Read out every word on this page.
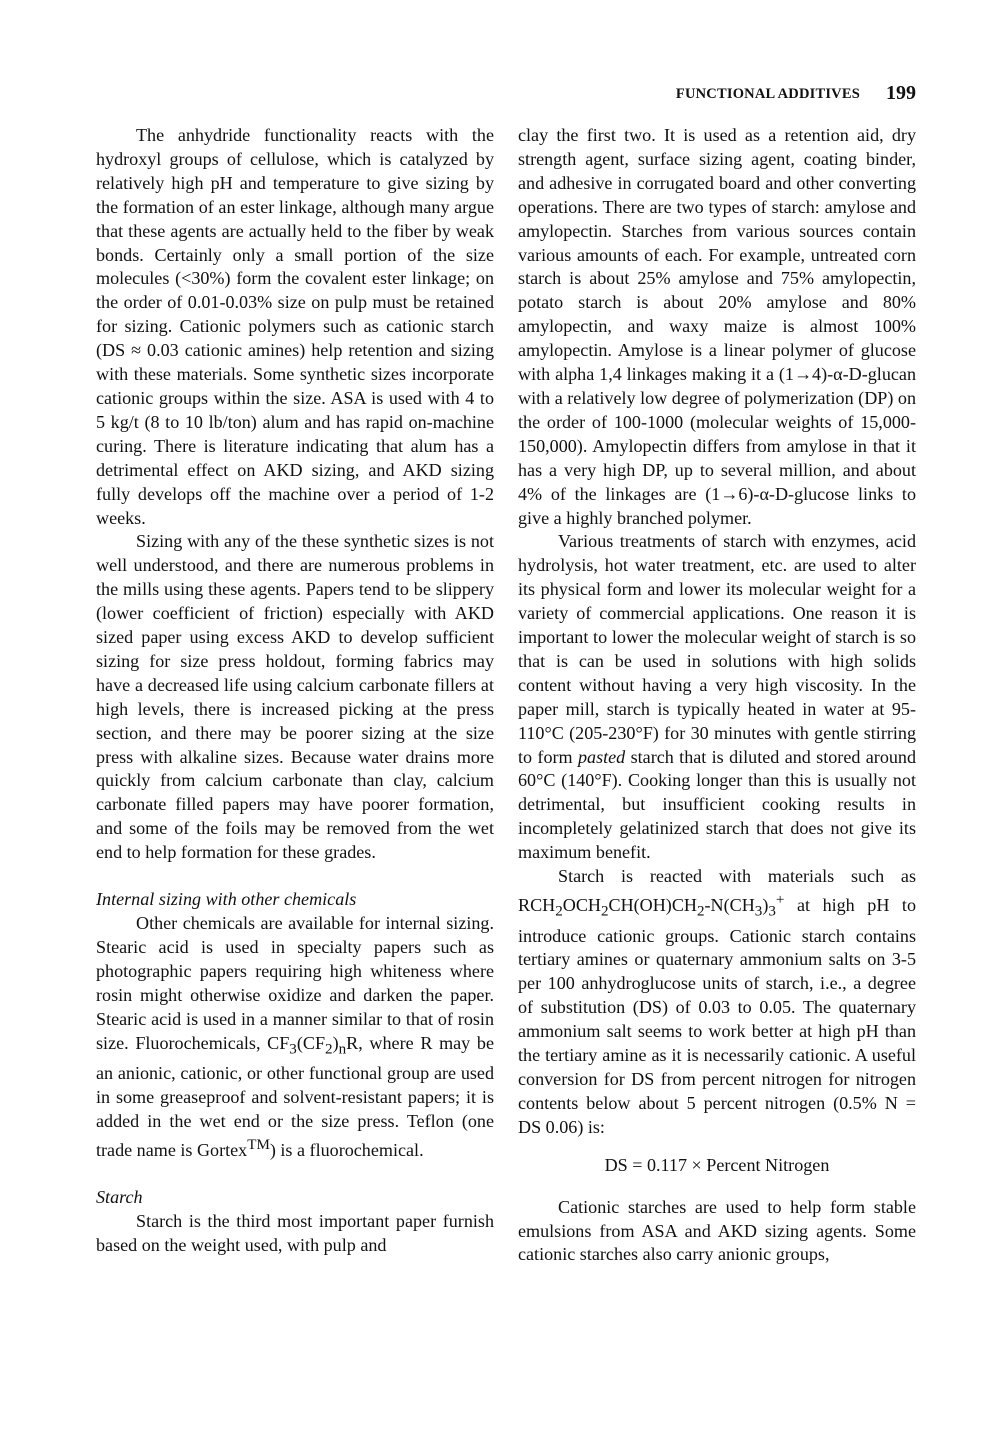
FUNCTIONAL ADDITIVES 199

The anhydride functionality reacts with the hydroxyl groups of cellulose, which is catalyzed by relatively high pH and temperature to give sizing by the formation of an ester linkage, although many argue that these agents are actually held to the fiber by weak bonds. Certainly only a small portion of the size molecules (<30%) form the covalent ester linkage; on the order of 0.01-0.03% size on pulp must be retained for sizing. Cationic polymers such as cationic starch (DS ≈ 0.03 cationic amines) help retention and sizing with these materials. Some synthetic sizes incorporate cationic groups within the size. ASA is used with 4 to 5 kg/t (8 to 10 lb/ton) alum and has rapid on-machine curing. There is literature indicating that alum has a detrimental effect on AKD sizing, and AKD sizing fully develops off the machine over a period of 1-2 weeks.

Sizing with any of the these synthetic sizes is not well understood, and there are numerous problems in the mills using these agents. Papers tend to be slippery (lower coefficient of friction) especially with AKD sized paper using excess AKD to develop sufficient sizing for size press holdout, forming fabrics may have a decreased life using calcium carbonate fillers at high levels, there is increased picking at the press section, and there may be poorer sizing at the size press with alkaline sizes. Because water drains more quickly from calcium carbonate than clay, calcium carbonate filled papers may have poorer formation, and some of the foils may be removed from the wet end to help formation for these grades.

Internal sizing with other chemicals

Other chemicals are available for internal sizing. Stearic acid is used in specialty papers such as photographic papers requiring high whiteness where rosin might otherwise oxidize and darken the paper. Stearic acid is used in a manner similar to that of rosin size. Fluorochemicals, $CF_3(CF_2)_nR$, where R may be an anionic, cationic, or other functional group are used in some greaseproof and solvent-resistant papers; it is added in the wet end or the size press. Teflon (one trade name is Gortex™) is a fluorochemical.

Starch

Starch is the third most important paper furnish based on the weight used, with pulp and

clay the first two. It is used as a retention aid, dry strength agent, surface sizing agent, coating binder, and adhesive in corrugated board and other converting operations. There are two types of starch: amylose and amylopectin. Starches from various sources contain various amounts of each. For example, untreated corn starch is about 25% amylose and 75% amylopectin, potato starch is about 20% amylose and 80% amylopectin, and waxy maize is almost 100% amylopectin. Amylose is a linear polymer of glucose with alpha 1,4 linkages making it a (1→4)-α-D-glucan with a relatively low degree of polymerization (DP) on the order of 100-1000 (molecular weights of 15,000-150,000). Amylopectin differs from amylose in that it has a very high DP, up to several million, and about 4% of the linkages are (1→6)-α-D-glucose links to give a highly branched polymer.

Various treatments of starch with enzymes, acid hydrolysis, hot water treatment, etc. are used to alter its physical form and lower its molecular weight for a variety of commercial applications. One reason it is important to lower the molecular weight of starch is so that is can be used in solutions with high solids content without having a very high viscosity. In the paper mill, starch is typically heated in water at 95-110°C (205-230°F) for 30 minutes with gentle stirring to form pasted starch that is diluted and stored around 60°C (140°F). Cooking longer than this is usually not detrimental, but insufficient cooking results in incompletely gelatinized starch that does not give its maximum benefit.

Starch is reacted with materials such as $RCH_2OCH_2CH(OH)CH_2-N(CH_3)_3^+$ at high pH to introduce cationic groups. Cationic starch contains tertiary amines or quaternary ammonium salts on 3-5 per 100 anhydroglucose units of starch, i.e., a degree of substitution (DS) of 0.03 to 0.05. The quaternary ammonium salt seems to work better at high pH than the tertiary amine as it is necessarily cationic. A useful conversion for DS from percent nitrogen for nitrogen contents below about 5 percent nitrogen (0.5% N = DS 0.06) is:

DS = 0.117 × Percent Nitrogen

Cationic starches are used to help form stable emulsions from ASA and AKD sizing agents. Some cationic starches also carry anionic groups,
